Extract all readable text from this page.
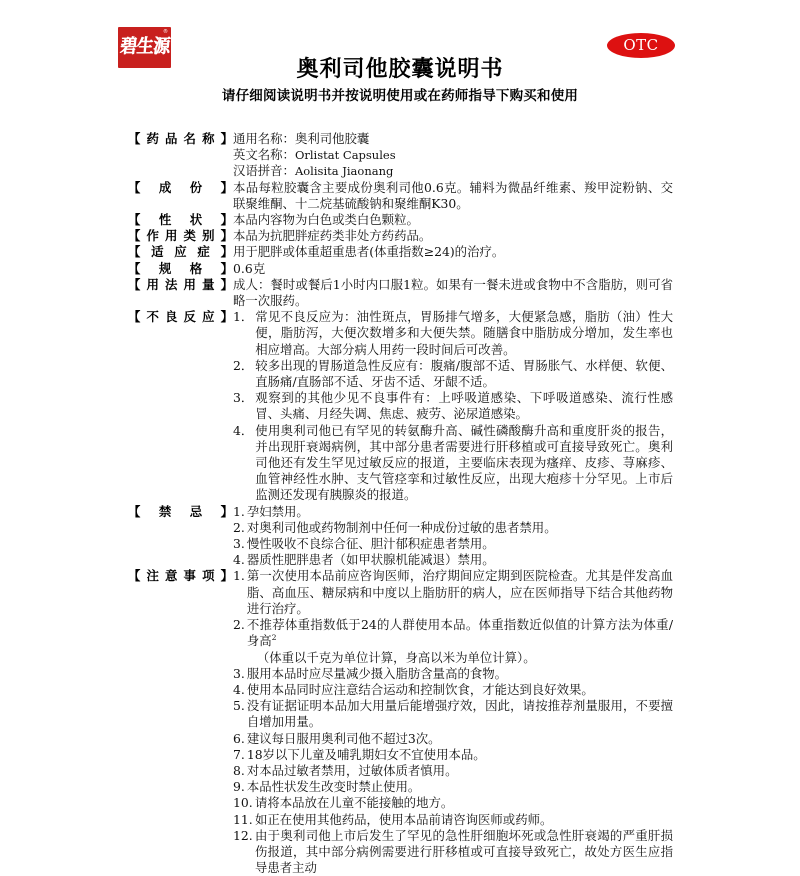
碧生源
®
OTC
奥利司他胶囊说明书
请仔细阅读说明书并按说明使用或在药师指导下购买和使用
【 药 品 名 称 】 通用名称： 奥利司他胶囊
英文名称： Orlistat Capsules
汉语拼音： Aolisita Jiaonang
【 成 份 】 本品每粒胶囊含主要成份奥利司他0.6克。辅料为微晶纤维素、羧甲淀粉钠、交联聚维酮、十二烷基硫酸钠和聚维酮K30。
【 性 状 】 本品内容物为白色或类白色颗粒。
【 作 用 类 别 】 本品为抗肥胖症药类非处方药药品。
【 适 应 症 】 用于肥胖或体重超重患者(体重指数≥24)的治疗。
【 规 格 】 0.6克
【 用 法 用 量 】 成人：餐时或餐后1小时内口服1粒。如果有一餐未进或食物中不含脂肪，则可省略一次服药。
【 不 良 反 应 】 1． 常见不良反应为：油性斑点，胃肠排气增多，大便紧急感，脂肪（油）性大便，脂肪泻，大便次数增多和大便失禁。随膳食中脂肪成分增加，发生率也相应增高。大部分病人用药一段时间后可改善。
2． 较多出现的胃肠道急性反应有：腹痛/腹部不适、胃肠胀气、水样便、软便、直肠痛/直肠部不适、牙齿不适、牙龈不适。
3． 观察到的其他少见不良事件有：上呼吸道感染、下呼吸道感染、流行性感冒、头痛、月经失调、焦虑、疲劳、泌尿道感染。
4． 使用奥利司他已有罕见的转氨酶升高、碱性磷酸酶升高和重度肝炎的报告，并出现肝衰竭病例，其中部分患者需要进行肝移植或可直接导致死亡。奥利司他还有发生罕见过敏反应的报道，主要临床表现为瘙痒、皮疹、荨麻疹、血管神经性水肿、支气管痉挛和过敏性反应，出现大疱疹十分罕见。上市后监测还发现有胰腺炎的报道。
【 禁 忌 】 1. 孕妇禁用。
2. 对奥利司他或药物制剂中任何一种成份过敏的患者禁用。
3. 慢性吸收不良综合征、胆汁郁积症患者禁用。
4. 器质性肥胖患者（如甲状腺机能减退）禁用。
【 注 意 事 项 】 1. 第一次使用本品前应咨询医师，治疗期间应定期到医院检查。尤其是伴发高血脂、高血压、糖尿病和中度以上脂肪肝的病人，应在医师指导下结合其他药物进行治疗。
2. 不推荐体重指数低于24的人群使用本品。体重指数近似值的计算方法为体重/身高$^2$
（体重以千克为单位计算，身高以米为单位计算）。
3. 服用本品时应尽量减少摄入脂肪含量高的食物。
4. 使用本品同时应注意结合运动和控制饮食，才能达到良好效果。
5. 没有证据证明本品加大用量后能增强疗效，因此，请按推荐剂量服用，不要擅自增加用量。
6. 建议每日服用奥利司他不超过3次。
7. 18岁以下儿童及哺乳期妇女不宜使用本品。
8. 对本品过敏者禁用，过敏体质者慎用。
9. 本品性状发生改变时禁止使用。
10. 请将本品放在儿童不能接触的地方。
11. 如正在使用其他药品，使用本品前请咨询医师或药师。
12. 由于奥利司他上市后发生了罕见的急性肝细胞坏死或急性肝衰竭的严重肝损伤报道，其中部分病例需要进行肝移植或可直接导致死亡，故处方医生应指导患者主动
